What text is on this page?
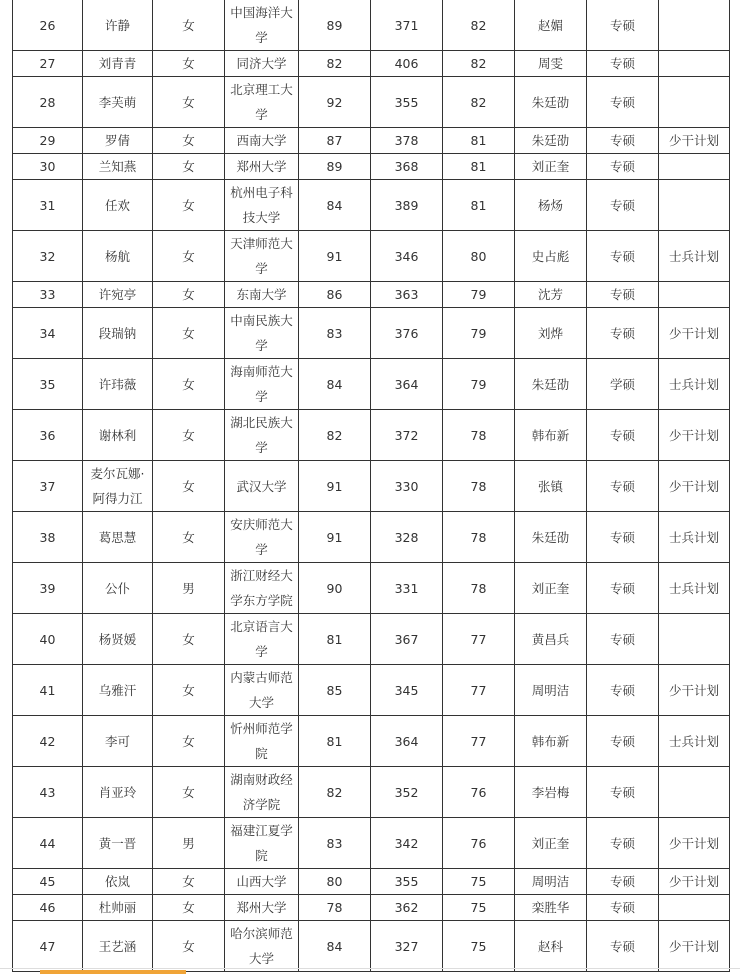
26	许静	女	中国海洋大学	89	371	82	赵媚	专硕	
27	刘青青	女	同济大学	82	406	82	周雯	专硕	
28	李芙萌	女	北京理工大学	92	355	82	朱廷劭	专硕	
29	罗倩	女	西南大学	87	378	81	朱廷劭	专硕	少干计划
30	兰知燕	女	郑州大学	89	368	81	刘正奎	专硕	
31	任欢	女	杭州电子科技大学	84	389	81	杨炀	专硕	
32	杨航	女	天津师范大学	91	346	80	史占彪	专硕	士兵计划
33	许宛亭	女	东南大学	86	363	79	沈芳	专硕	
34	段瑞钠	女	中南民族大学	83	376	79	刘烨	专硕	少干计划
35	许玮薇	女	海南师范大学	84	364	79	朱廷劭	学硕	士兵计划
36	谢林利	女	湖北民族大学	82	372	78	韩布新	专硕	少干计划
37	麦尔瓦娜·阿得力江	女	武汉大学	91	330	78	张镇	专硕	少干计划
38	葛思慧	女	安庆师范大学	91	328	78	朱廷劭	专硕	士兵计划
39	公仆	男	浙江财经大学东方学院	90	331	78	刘正奎	专硕	士兵计划
40	杨贤媛	女	北京语言大学	81	367	77	黄昌兵	专硕	
41	乌雅汗	女	内蒙古师范大学	85	345	77	周明洁	专硕	少干计划
42	李可	女	忻州师范学院	81	364	77	韩布新	专硕	士兵计划
43	肖亚玲	女	湖南财政经济学院	82	352	76	李岩梅	专硕	
44	黄一晋	男	福建江夏学院	83	342	76	刘正奎	专硕	少干计划
45	依岚	女	山西大学	80	355	75	周明洁	专硕	少干计划
46	杜帅丽	女	郑州大学	78	362	75	栾胜华	专硕	
47	王艺涵	女	哈尔滨师范大学	84	327	75	赵科	专硕	少干计划
